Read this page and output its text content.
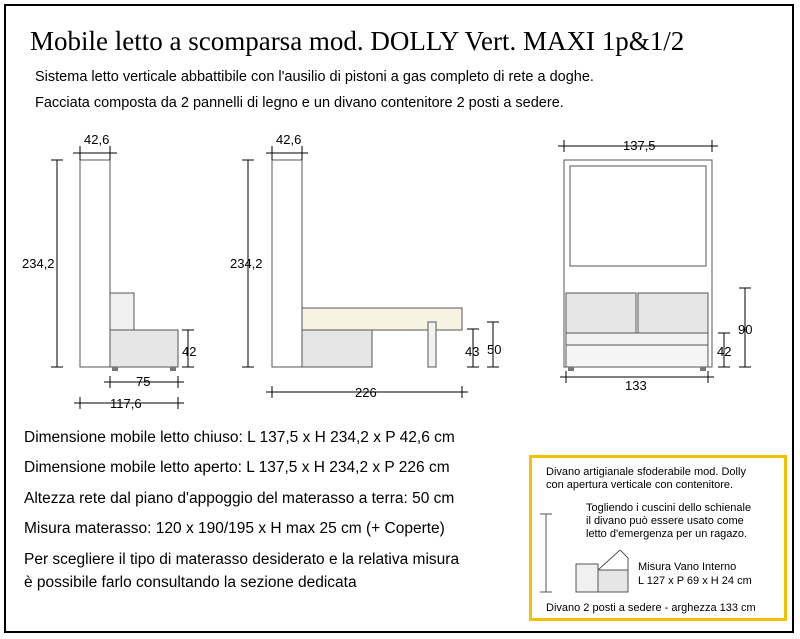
Mobile letto a scomparsa mod. DOLLY Vert. MAXI 1p&1/2
Sistema letto verticale abbattibile con l'ausilio di pistoni a gas completo di rete a doghe.
Facciata composta da 2 pannelli di legno e un divano contenitore 2 posti a sedere.
42,6
234,2
42
75
117,6
42,6
234,2
43 50
226
137,5
90
42
133
Dimensione mobile letto chiuso: L 137,5 x H 234,2 x P 42,6 cm
Dimensione mobile letto aperto: L 137,5 x H 234,2 x P 226 cm
Altezza rete dal piano d'appoggio del materasso a terra: 50 cm
Misura materasso: 120 x 190/195 x H max 25 cm (+ Coperte)
Per scegliere il tipo di materasso desiderato e la relativa misura
è possibile farlo consultando la sezione dedicata
Divano artigianale sfoderabile mod. Dolly
con apertura verticale con contenitore.
Togliendo i cuscini dello schienale
il divano può essere usato come
letto d'emergenza per un ragazo.
Misura Vano Interno
L 127 x P 69 x H 24 cm
Divano 2 posti a sedere - arghezza 133 cm
